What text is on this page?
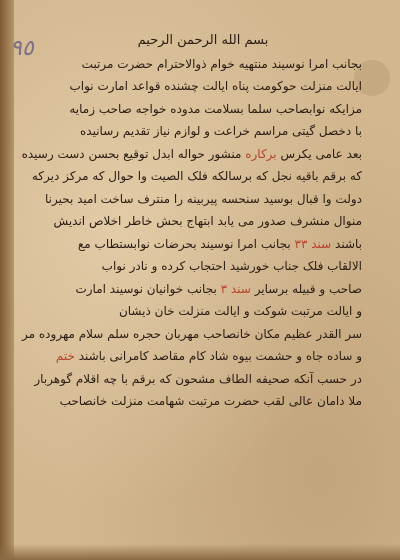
٩٥	بسم الله الرحمن الرحيم
بجانب امرا نوسیند منتهیه خوام ذوالاحترام حضرت مرتبت
ایالت منزلت حوکومت پناه ایالت چشنده قواعد امارت نواب
مزایکه نوابصاحب سلما بسلامت مدوده خواجه صاحب زمایه
با دخصل گیتی مراسم خراعت و لوازم نیاز تقدیم رسانیده
بعد عامی یکرس برکاره منشور حواله ابدل توقیع بحسن دست رسیده
که برقم باقیه نجل که برسالکه فلک الصیت وا حوال که مرکز دیرکه
دولت وا قبال بوسید سنحسه پیربینه را منترف ساخت امید بحیرنا
منوال منشرف صدور می یابد ابتهاج بحش خاطر اخلاص اندیش
باشند سند ۳۳ بجانب امرا نوسیند بحرضات نوابستطاب مع
الالقاب فلک جناب خورشید احتجاب کرده و نادر نواب
صاحب و قبیله برسایر سند ۳ بجانب خوانیان نوسیند امارت
و ایالت مرتبت شوکت و ایالت منزلت خان ذیشان
سر القدر عظیم مکان خانصاحب مهربان حجره سلم سلام مهروده مر
و ساده جاه و حشمت بیوه شاد کام مقاصد کامرانی باشند ختم
در حسب آنکه صحیفه الطاف مشحون که برقم با چه اقلام گوهربار
ملا دامان عالی لقب حضرت مرتبت شهامت منزلت خانصاحب
